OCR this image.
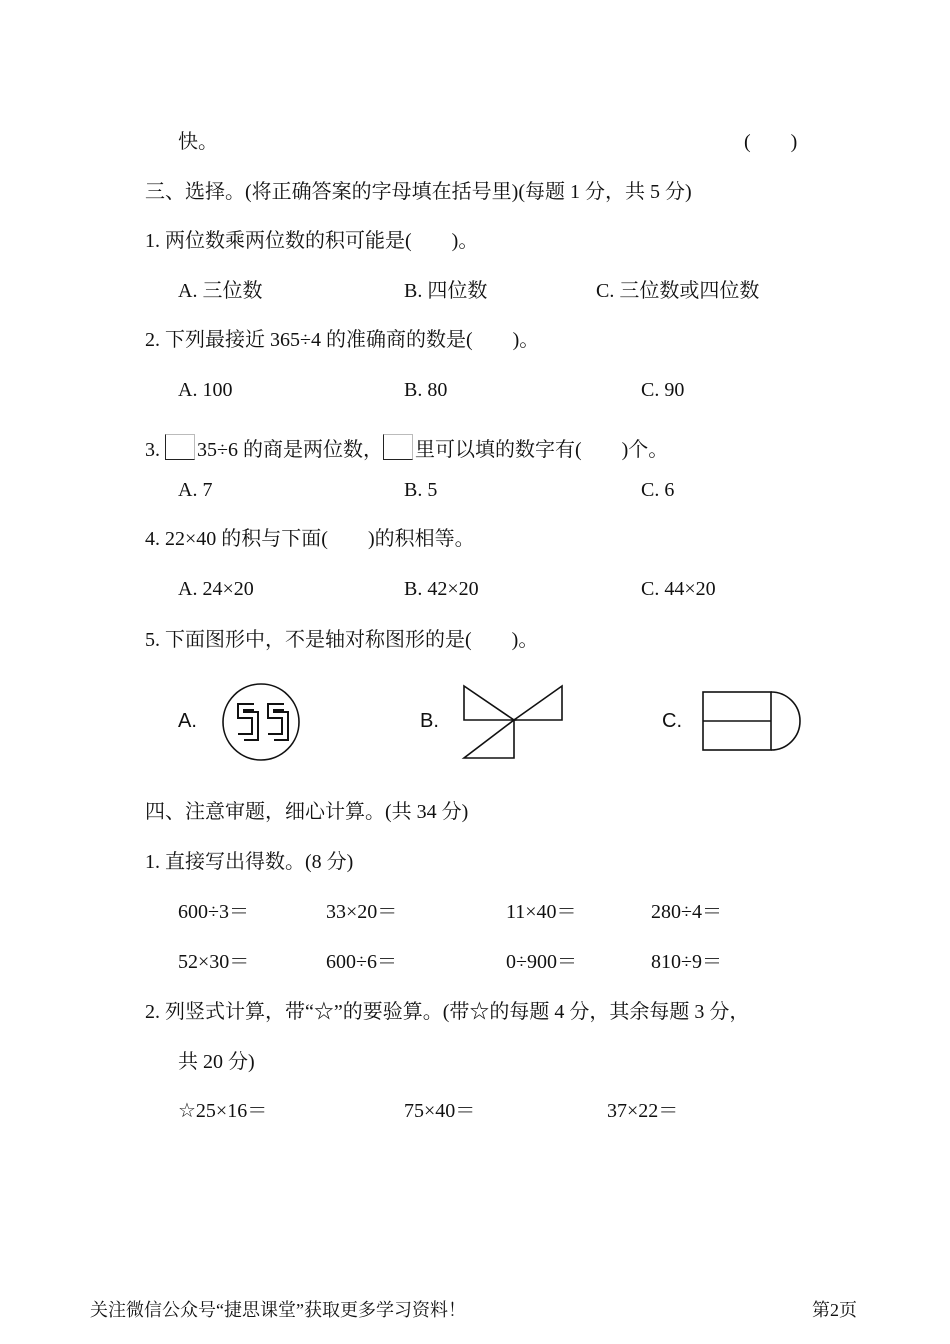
快。	(　　)
三、选择。(将正确答案的字母填在括号里)(每题 1 分，共 5 分)
1. 两位数乘两位数的积可能是(　　)。
A. 三位数	B. 四位数	C. 三位数或四位数
2. 下列最接近 365÷4 的准确商的数是(　　)。
A. 100	B. 80	C. 90
3. 35÷6 的商是两位数， 里可以填的数字有(　　)个。
A. 7	B. 5	C. 6
4. 22×40 的积与下面(　　)的积相等。
A. 24×20	B. 42×20	C. 44×20
5. 下面图形中，不是轴对称图形的是(　　)。
A.	B.	C.
四、注意审题，细心计算。(共 34 分)
1. 直接写出得数。(8 分)
600÷3＝	33×20＝	11×40＝	280÷4＝
52×30＝	600÷6＝	0÷900＝	810÷9＝
2. 列竖式计算，带“☆”的要验算。(带☆的每题 4 分，其余每题 3 分，
共 20 分)
☆25×16＝	75×40＝	37×22＝
关注微信公众号“捷思课堂”获取更多学习资料！	第2页
